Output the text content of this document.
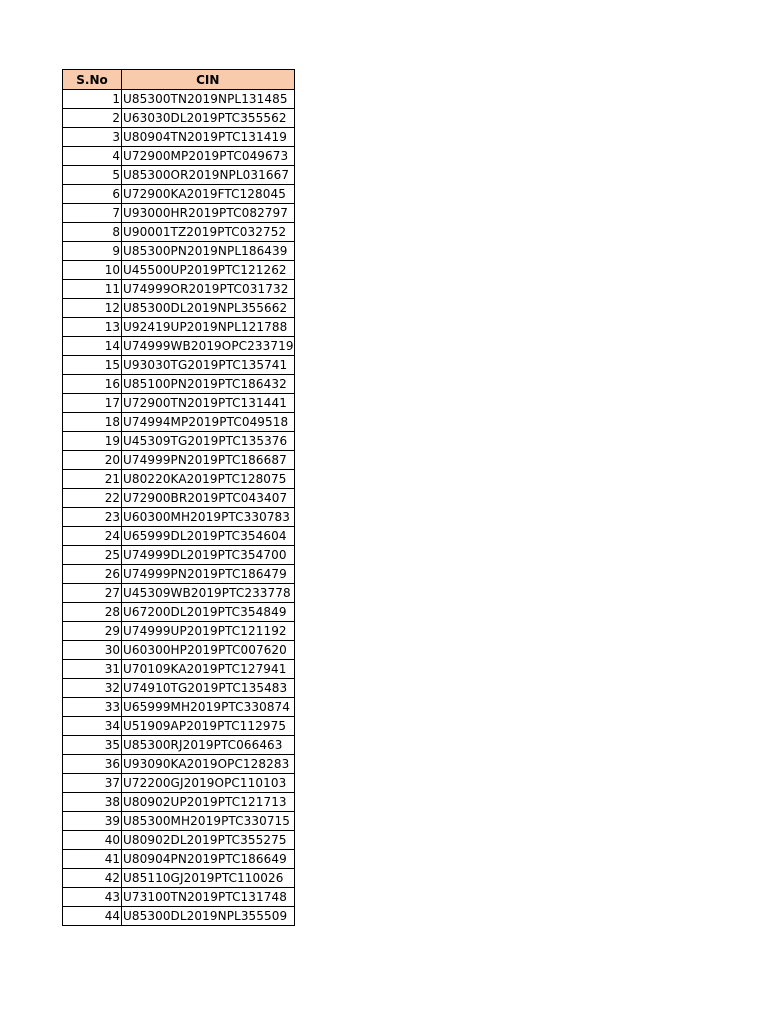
S.No	CIN
1	U85300TN2019NPL131485
2	U63030DL2019PTC355562
3	U80904TN2019PTC131419
4	U72900MP2019PTC049673
5	U85300OR2019NPL031667
6	U72900KA2019FTC128045
7	U93000HR2019PTC082797
8	U90001TZ2019PTC032752
9	U85300PN2019NPL186439
10	U45500UP2019PTC121262
11	U74999OR2019PTC031732
12	U85300DL2019NPL355662
13	U92419UP2019NPL121788
14	U74999WB2019OPC233719
15	U93030TG2019PTC135741
16	U85100PN2019PTC186432
17	U72900TN2019PTC131441
18	U74994MP2019PTC049518
19	U45309TG2019PTC135376
20	U74999PN2019PTC186687
21	U80220KA2019PTC128075
22	U72900BR2019PTC043407
23	U60300MH2019PTC330783
24	U65999DL2019PTC354604
25	U74999DL2019PTC354700
26	U74999PN2019PTC186479
27	U45309WB2019PTC233778
28	U67200DL2019PTC354849
29	U74999UP2019PTC121192
30	U60300HP2019PTC007620
31	U70109KA2019PTC127941
32	U74910TG2019PTC135483
33	U65999MH2019PTC330874
34	U51909AP2019PTC112975
35	U85300RJ2019PTC066463
36	U93090KA2019OPC128283
37	U72200GJ2019OPC110103
38	U80902UP2019PTC121713
39	U85300MH2019PTC330715
40	U80902DL2019PTC355275
41	U80904PN2019PTC186649
42	U85110GJ2019PTC110026
43	U73100TN2019PTC131748
44	U85300DL2019NPL355509
